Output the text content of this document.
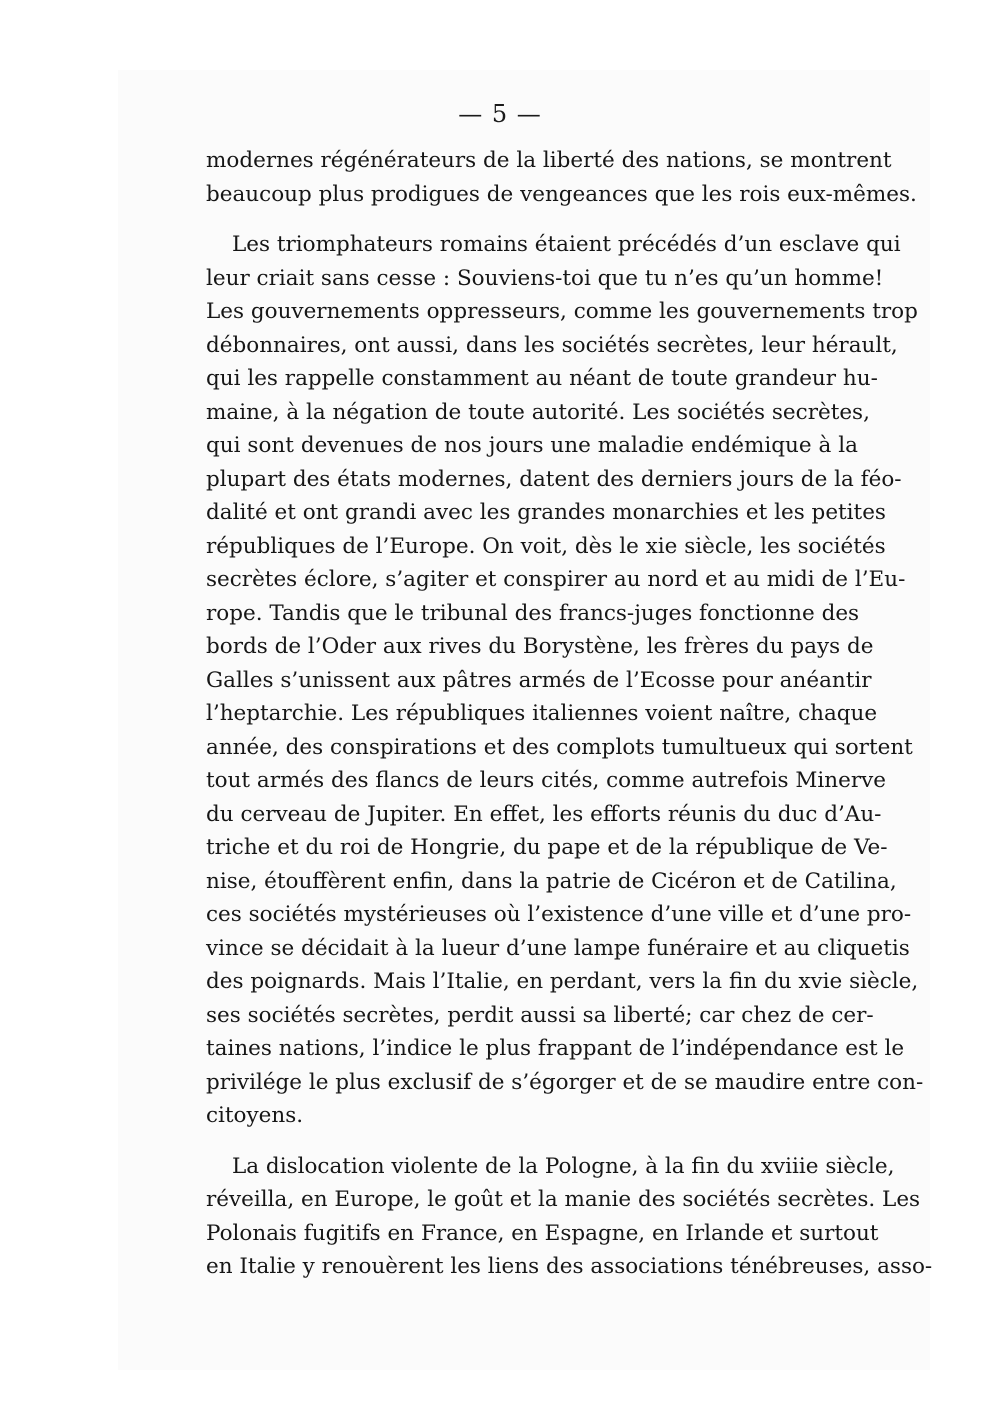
— 5 —
modernes régénérateurs de la liberté des nations, se montrent
beaucoup plus prodigues de vengeances que les rois eux-mêmes.
Les triomphateurs romains étaient précédés d’un esclave qui
leur criait sans cesse : Souviens-toi que tu n’es qu’un homme!
Les gouvernements oppresseurs, comme les gouvernements trop
débonnaires, ont aussi, dans les sociétés secrètes, leur hérault,
qui les rappelle constamment au néant de toute grandeur hu-
maine, à la négation de toute autorité. Les sociétés secrètes,
qui sont devenues de nos jours une maladie endémique à la
plupart des états modernes, datent des derniers jours de la féo-
dalité et ont grandi avec les grandes monarchies et les petites
républiques de l’Europe. On voit, dès le xie siècle, les sociétés
secrètes éclore, s’agiter et conspirer au nord et au midi de l’Eu-
rope. Tandis que le tribunal des francs-juges fonctionne des
bords de l’Oder aux rives du Borystène, les frères du pays de
Galles s’unissent aux pâtres armés de l’Ecosse pour anéantir
l’heptarchie. Les républiques italiennes voient naître, chaque
année, des conspirations et des complots tumultueux qui sortent
tout armés des flancs de leurs cités, comme autrefois Minerve
du cerveau de Jupiter. En effet, les efforts réunis du duc d’Au-
triche et du roi de Hongrie, du pape et de la république de Ve-
nise, étouffèrent enfin, dans la patrie de Cicéron et de Catilina,
ces sociétés mystérieuses où l’existence d’une ville et d’une pro-
vince se décidait à la lueur d’une lampe funéraire et au cliquetis
des poignards. Mais l’Italie, en perdant, vers la fin du xvie siècle,
ses sociétés secrètes, perdit aussi sa liberté; car chez de cer-
taines nations, l’indice le plus frappant de l’indépendance est le
privilége le plus exclusif de s’égorger et de se maudire entre con-
citoyens.
La dislocation violente de la Pologne, à la fin du xviiie siècle,
réveilla, en Europe, le goût et la manie des sociétés secrètes. Les
Polonais fugitifs en France, en Espagne, en Irlande et surtout
en Italie y renouèrent les liens des associations ténébreuses, asso-
